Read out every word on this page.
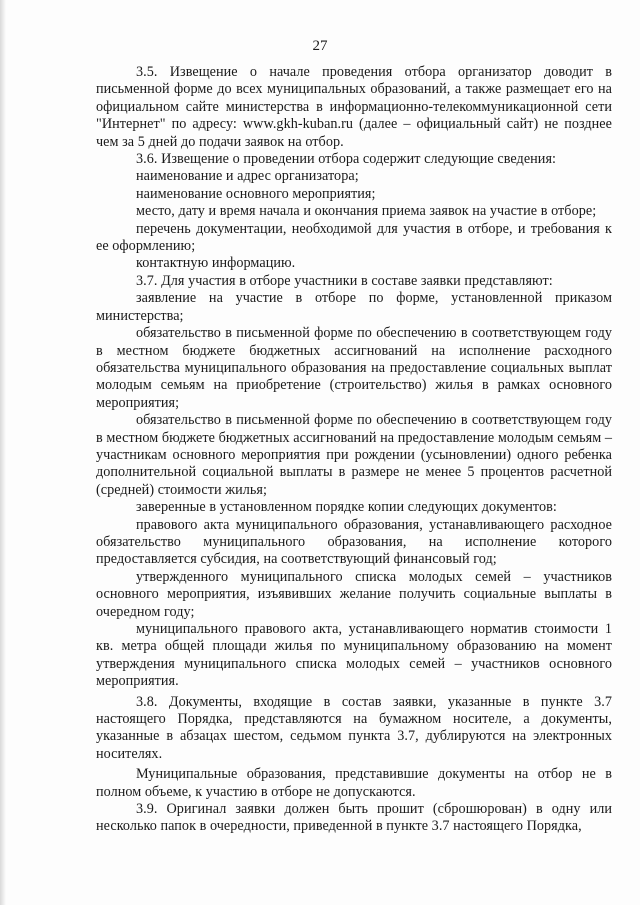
27

3.5. Извещение о начале проведения отбора организатор доводит в письменной форме до всех муниципальных образований, а также размещает его на официальном сайте министерства в информационно-телекоммуникационной сети "Интернет" по адресу: www.gkh-kuban.ru (далее – официальный сайт) не позднее чем за 5 дней до подачи заявок на отбор.

3.6. Извещение о проведении отбора содержит следующие сведения:

наименование и адрес организатора;

наименование основного мероприятия;

место, дату и время начала и окончания приема заявок на участие в отборе;

перечень документации, необходимой для участия в отборе, и требования к ее оформлению;

контактную информацию.

3.7. Для участия в отборе участники в составе заявки представляют:

заявление на участие в отборе по форме, установленной приказом министерства;

обязательство в письменной форме по обеспечению в соответствующем году в местном бюджете бюджетных ассигнований на исполнение расходного обязательства муниципального образования на предоставление социальных выплат молодым семьям на приобретение (строительство) жилья в рамках основного мероприятия;

обязательство в письменной форме по обеспечению в соответствующем году в местном бюджете бюджетных ассигнований на предоставление молодым семьям – участникам основного мероприятия при рождении (усыновлении) одного ребенка дополнительной социальной выплаты в размере не менее 5 процентов расчетной (средней) стоимости жилья;

заверенные в установленном порядке копии следующих документов:

правового акта муниципального образования, устанавливающего расходное обязательство муниципального образования, на исполнение которого предоставляется субсидия, на соответствующий финансовый год;

утвержденного муниципального списка молодых семей – участников основного мероприятия, изъявивших желание получить социальные выплаты в очередном году;

муниципального правового акта, устанавливающего норматив стоимости 1 кв. метра общей площади жилья по муниципальному образованию на момент утверждения муниципального списка молодых семей – участников основного мероприятия.

3.8. Документы, входящие в состав заявки, указанные в пункте 3.7 настоящего Порядка, представляются на бумажном носителе, а документы, указанные в абзацах шестом, седьмом пункта 3.7, дублируются на электронных носителях.

Муниципальные образования, представившие документы на отбор не в полном объеме, к участию в отборе не допускаются.

3.9. Оригинал заявки должен быть прошит (сброшюрован) в одну или несколько папок в очередности, приведенной в пункте 3.7 настоящего Порядка,
